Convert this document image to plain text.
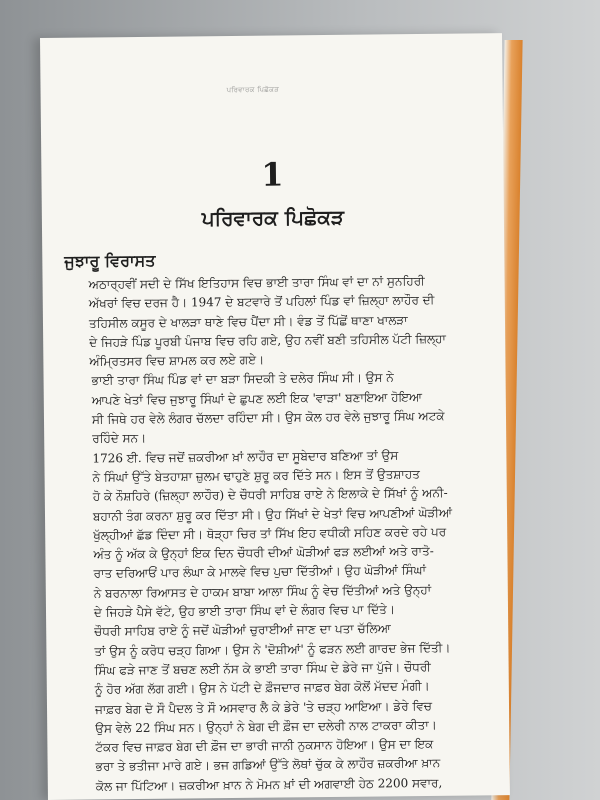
ਪਰਿਵਾਰਕ ਪਿਛੋਕੜ
1
ਪਰਿਵਾਰਕ ਪਿਛੋਕੜ
ਜੁਝਾਰੂ ਵਿਰਾਸਤ

ਅਠਾਰ੍ਹਵੀਂ ਸਦੀ ਦੇ ਸਿੱਖ ਇਤਿਹਾਸ ਵਿਚ ਭਾਈ ਤਾਰਾ ਸਿੰਘ ਵਾਂ ਦਾ ਨਾਂ ਸੁਨਹਿਰੀ
ਅੱਖਰਾਂ ਵਿਚ ਦਰਜ ਹੈ। 1947 ਦੇ ਬਟਵਾਰੇ ਤੋਂ ਪਹਿਲਾਂ ਪਿੰਡ ਵਾਂ ਜ਼ਿਲ੍ਹਾ ਲਾਹੌਰ ਦੀ
ਤਹਿਸੀਲ ਕਸੂਰ ਦੇ ਖਾਲੜਾ ਥਾਣੇ ਵਿਚ ਪੈਂਦਾ ਸੀ। ਵੰਡ ਤੋਂ ਪਿੱਛੋਂ ਥਾਣਾ ਖਾਲੜਾ
ਦੇ ਜਿਹੜੇ ਪਿੰਡ ਪੂਰਬੀ ਪੰਜਾਬ ਵਿਚ ਰਹਿ ਗਏ, ਉਹ ਨਵੀਂ ਬਣੀ ਤਹਿਸੀਲ ਪੱਟੀ ਜ਼ਿਲ੍ਹਾ
ਅੰਮ੍ਰਿਤਸਰ ਵਿਚ ਸ਼ਾਮਲ ਕਰ ਲਏ ਗਏ।

ਭਾਈ ਤਾਰਾ ਸਿੰਘ ਪਿੰਡ ਵਾਂ ਦਾ ਬੜਾ ਸਿਦਕੀ ਤੇ ਦਲੇਰ ਸਿੰਘ ਸੀ। ਉਸ ਨੇ
ਆਪਣੇ ਖੇਤਾਂ ਵਿਚ ਜੁਝਾਰੂ ਸਿੰਘਾਂ ਦੇ ਛੁਪਣ ਲਈ ਇਕ 'ਵਾੜਾ' ਬਣਾਇਆ ਹੋਇਆ
ਸੀ ਜਿਥੇ ਹਰ ਵੇਲੇ ਲੰਗਰ ਚੱਲਦਾ ਰਹਿੰਦਾ ਸੀ। ਉਸ ਕੋਲ ਹਰ ਵੇਲੇ ਜੁਝਾਰੂ ਸਿੰਘ ਅਟਕੇ
ਰਹਿੰਦੇ ਸਨ।

1726 ਈ. ਵਿਚ ਜਦੋਂ ਜ਼ਕਰੀਆ ਖ਼ਾਂ ਲਾਹੌਰ ਦਾ ਸੂਬੇਦਾਰ ਬਣਿਆ ਤਾਂ ਉਸ
ਨੇ ਸਿੰਘਾਂ ਉੱਤੇ ਬੇਤਹਾਸ਼ਾ ਜ਼ੁਲਮ ਢਾਹੁਣੇ ਸ਼ੁਰੂ ਕਰ ਦਿੱਤੇ ਸਨ। ਇਸ ਤੋਂ ਉਤਸ਼ਾਹਤ
ਹੋ ਕੇ ਨੌਸ਼ਹਿਰੇ (ਜ਼ਿਲ੍ਹਾ ਲਾਹੌਰ) ਦੇ ਚੌਧਰੀ ਸਾਹਿਬ ਰਾਏ ਨੇ ਇਲਾਕੇ ਦੇ ਸਿੱਖਾਂ ਨੂੰ ਅਨੀ-
ਬਹਾਨੀ ਤੰਗ ਕਰਨਾ ਸ਼ੁਰੂ ਕਰ ਦਿੱਤਾ ਸੀ। ਉਹ ਸਿੱਖਾਂ ਦੇ ਖੇਤਾਂ ਵਿਚ ਆਪਣੀਆਂ ਘੋੜੀਆਂ
ਖੁੱਲ੍ਹੀਆਂ ਛੱਡ ਦਿੰਦਾ ਸੀ। ਥੋੜ੍ਹਾ ਚਿਰ ਤਾਂ ਸਿੱਖ ਇਹ ਵਧੀਕੀ ਸਹਿਣ ਕਰਦੇ ਰਹੇ ਪਰ
ਅੰਤ ਨੂੰ ਅੱਕ ਕੇ ਉਨ੍ਹਾਂ ਇਕ ਦਿਨ ਚੌਧਰੀ ਦੀਆਂ ਘੋੜੀਆਂ ਫੜ ਲਈਆਂ ਅਤੇ ਰਾਤੋ-
ਰਾਤ ਦਰਿਆਓਂ ਪਾਰ ਲੰਘਾ ਕੇ ਮਾਲਵੇ ਵਿਚ ਪੁਚਾ ਦਿੱਤੀਆਂ। ਉਹ ਘੋੜੀਆਂ ਸਿੰਘਾਂ
ਨੇ ਬਰਨਾਲਾ ਰਿਆਸਤ ਦੇ ਹਾਕਮ ਬਾਬਾ ਆਲਾ ਸਿੰਘ ਨੂੰ ਵੇਚ ਦਿੱਤੀਆਂ ਅਤੇ ਉਨ੍ਹਾਂ
ਦੇ ਜਿਹੜੇ ਪੈਸੇ ਵੱਟੇ, ਉਹ ਭਾਈ ਤਾਰਾ ਸਿੰਘ ਵਾਂ ਦੇ ਲੰਗਰ ਵਿਚ ਪਾ ਦਿੱਤੇ।

ਚੌਧਰੀ ਸਾਹਿਬ ਰਾਏ ਨੂੰ ਜਦੋਂ ਘੋੜੀਆਂ ਚੁਰਾਈਆਂ ਜਾਣ ਦਾ ਪਤਾ ਚੱਲਿਆ
ਤਾਂ ਉਸ ਨੂੰ ਕਰੋਧ ਚੜ੍ਹ ਗਿਆ। ਉਸ ਨੇ 'ਦੋਸ਼ੀਆਂ' ਨੂੰ ਫੜਨ ਲਈ ਗਾਰਦ ਭੇਜ ਦਿੱਤੀ।
ਸਿੰਘ ਫੜੇ ਜਾਣ ਤੋਂ ਬਚਣ ਲਈ ਨੱਸ ਕੇ ਭਾਈ ਤਾਰਾ ਸਿੰਘ ਦੇ ਡੇਰੇ ਜਾ ਪੁੱਜੇ। ਚੌਧਰੀ
ਨੂੰ ਹੋਰ ਅੱਗ ਲੱਗ ਗਈ। ਉਸ ਨੇ ਪੱਟੀ ਦੇ ਫ਼ੌਜਦਾਰ ਜਾਫ਼ਰ ਬੇਗ ਕੋਲੋਂ ਮੱਦਦ ਮੰਗੀ।
ਜਾਫ਼ਰ ਬੇਗ ਦੋ ਸੌ ਪੈਦਲ ਤੇ ਸੌ ਅਸਵਾਰ ਲੈ ਕੇ ਡੇਰੇ 'ਤੇ ਚੜ੍ਹ ਆਇਆ। ਡੇਰੇ ਵਿਚ
ਉਸ ਵੇਲੇ 22 ਸਿੰਘ ਸਨ। ਉਨ੍ਹਾਂ ਨੇ ਬੇਗ ਦੀ ਫ਼ੌਜ ਦਾ ਦਲੇਰੀ ਨਾਲ ਟਾਕਰਾ ਕੀਤਾ।
ਟੱਕਰ ਵਿਚ ਜਾਫ਼ਰ ਬੇਗ ਦੀ ਫ਼ੌਜ ਦਾ ਭਾਰੀ ਜਾਨੀ ਨੁਕਸਾਨ ਹੋਇਆ। ਉਸ ਦਾ ਇਕ
ਭਰਾ ਤੇ ਭਤੀਜਾ ਮਾਰੇ ਗਏ। ਭਜ ਗਡਿਆਂ ਉੱਤੇ ਲੋਥਾਂ ਚੁੱਕ ਕੇ ਲਾਹੌਰ ਜ਼ਕਰੀਆ ਖ਼ਾਨ
ਕੋਲ ਜਾ ਪਿੱਟਿਆ। ਜ਼ਕਰੀਆ ਖ਼ਾਨ ਨੇ ਮੋਮਨ ਖ਼ਾਂ ਦੀ ਅਗਵਾਈ ਹੇਠ 2200 ਸਵਾਰ,
